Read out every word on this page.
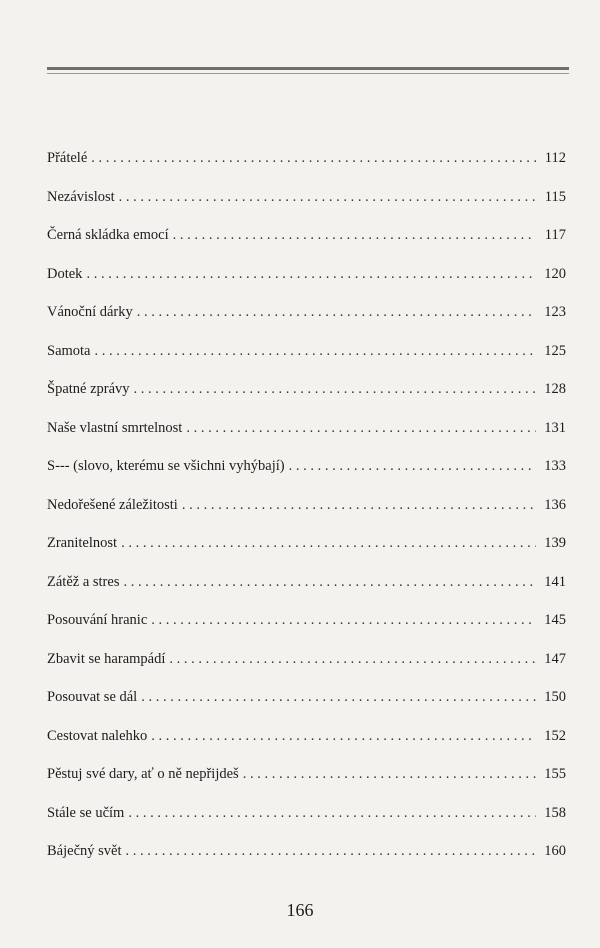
Přátelé . . .	112
Nezávislost . . .	115
Černá skládka emocí . . .	117
Dotek . . .	120
Vánoční dárky . . .	123
Samota . . .	125
Špatné zprávy . . .	128
Naše vlastní smrtelnost . . .	131
S--- (slovo, kterému se všichni vyhýbají) . . .	133
Nedořešené záležitosti . . .	136
Zranitelnost . . .	139
Zátěž a stres . . .	141
Posouvání hranic . . .	145
Zbavit se harampádí . . .	147
Posouvat se dál . . .	150
Cestovat nalehko . . .	152
Pěstuj své dary, ať o ně nepřijdeš . . .	155
Stále se učím . . .	158
Báječný svět . . .	160
166
